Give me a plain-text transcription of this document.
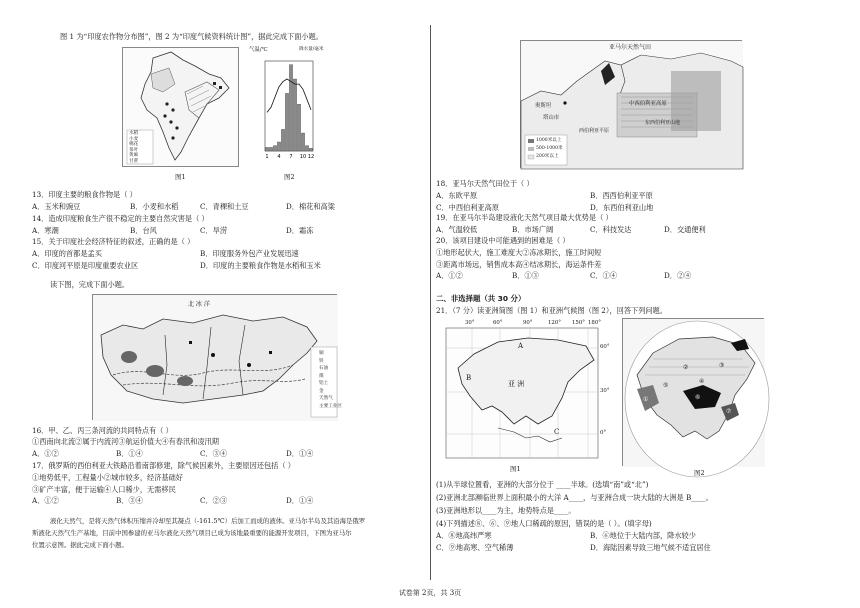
图 1 为“印度农作物分布图”，图 2 为“印度气候资料统计图”，据此完成下面小题。
水稻
小麦
棉花
茶叶
黄麻
甘蔗
图1
气温/℃	降水量/毫米
1 4 7 10 12
图2
13．印度主要的粮食作物是（ ）
A．玉米和豌豆	B．小麦和水稻	C．青稞和土豆	D．棉花和高粱
14．造成印度粮食生产很不稳定的主要自然灾害是（ ）
A．寒潮	B．台风	C．旱涝	D．霜冻
15．关于印度社会经济特征的叙述，正确的是（ ）
A．印度的首都是孟买	B．印度服务外包产业发展迅速
C．印度河平原是印度重要农业区	D．印度的主要粮食作物是水稻和玉米
读下图，完成下面小题。
北 冰 洋
铜
铁
石油
煤
铝土
金
天然气
主要工业区
16．甲、乙、丙三条河流的共同特点有（ ）
①西南向北流②属于内流河③航运价值大④有春汛和凌汛期
A．①②	B．①④	C．③④	D．①④
17．俄罗斯的西伯利亚大铁路沿着南部修建，除气候因素外，主要原因还包括（ ）
①地势低平，工程量小②城市较多，经济基础好
③矿产丰富，便于运输④人口稀少，无需移民
A．①②	B．③④	C．②③	D．①④
液化天然气，是将天然气体积压缩并冷却至其凝点（-161.5℃）后加工而成的液体。亚马尔半岛及其沿海是俄罗
斯液化天然气生产基地，目前中国参建的亚马尔液化天然气项目已成为该地最重要的能源开发项目，下图为亚马尔
位置示意图。据此完成下面小题。
亚马尔天然气田
奥斯坦
塔山市
西伯利亚平原
中西伯利亚高原
东西伯利亚山地
1000米以上
500-1000米
200米以上
18．亚马尔天然气田位于（ ）
A．东欧平原	B．西西伯利亚平原
C．中西伯利亚高原	D．东西伯利亚山地
19．在亚马尔半岛建设液化天然气项目最大优势是（ ）
A．气温较低	B．市场广阔	C．科技发达	D．交通便利
20．该项目建设中可能遇到的困难是（ ）
①地形起伏大，施工难度大②冻冰期长，施工时间短
③距离市场远，销售成本高④结冰期长，海运条件差
A．①②	B．①③	C．①④	D．②④
二、非选择题（共 30 分）
21．（7 分）读亚洲简图（图 1）和亚洲气候图（图 2），回答下列问题。
30°	60°	90°	120° 150° 180°
60°
30°
0°
A
B
C
亚 洲
图1
①
②	③
④
⑤
⑥
⑦
图2
(1)从半球位置看，亚洲的大部分位于 ____半球。(选填“南”或“北”)
(2)亚洲北部濒临世界上面积最小的大洋 A____，与亚洲合成一块大陆的大洲是 B____。
(3)亚洲地形以____为主，地势特点是____。
(4)下列描述⑧、⑥、⑨地人口稀疏的原因，错误的是（ ）。(填字母)
A．⑧地高纬严寒	B．⑥地位于大陆内部，降水较少
C．⑨地高寒、空气稀薄	D．海陆因素导致三地气候不适宜居住
试卷第 2页，共 3页
